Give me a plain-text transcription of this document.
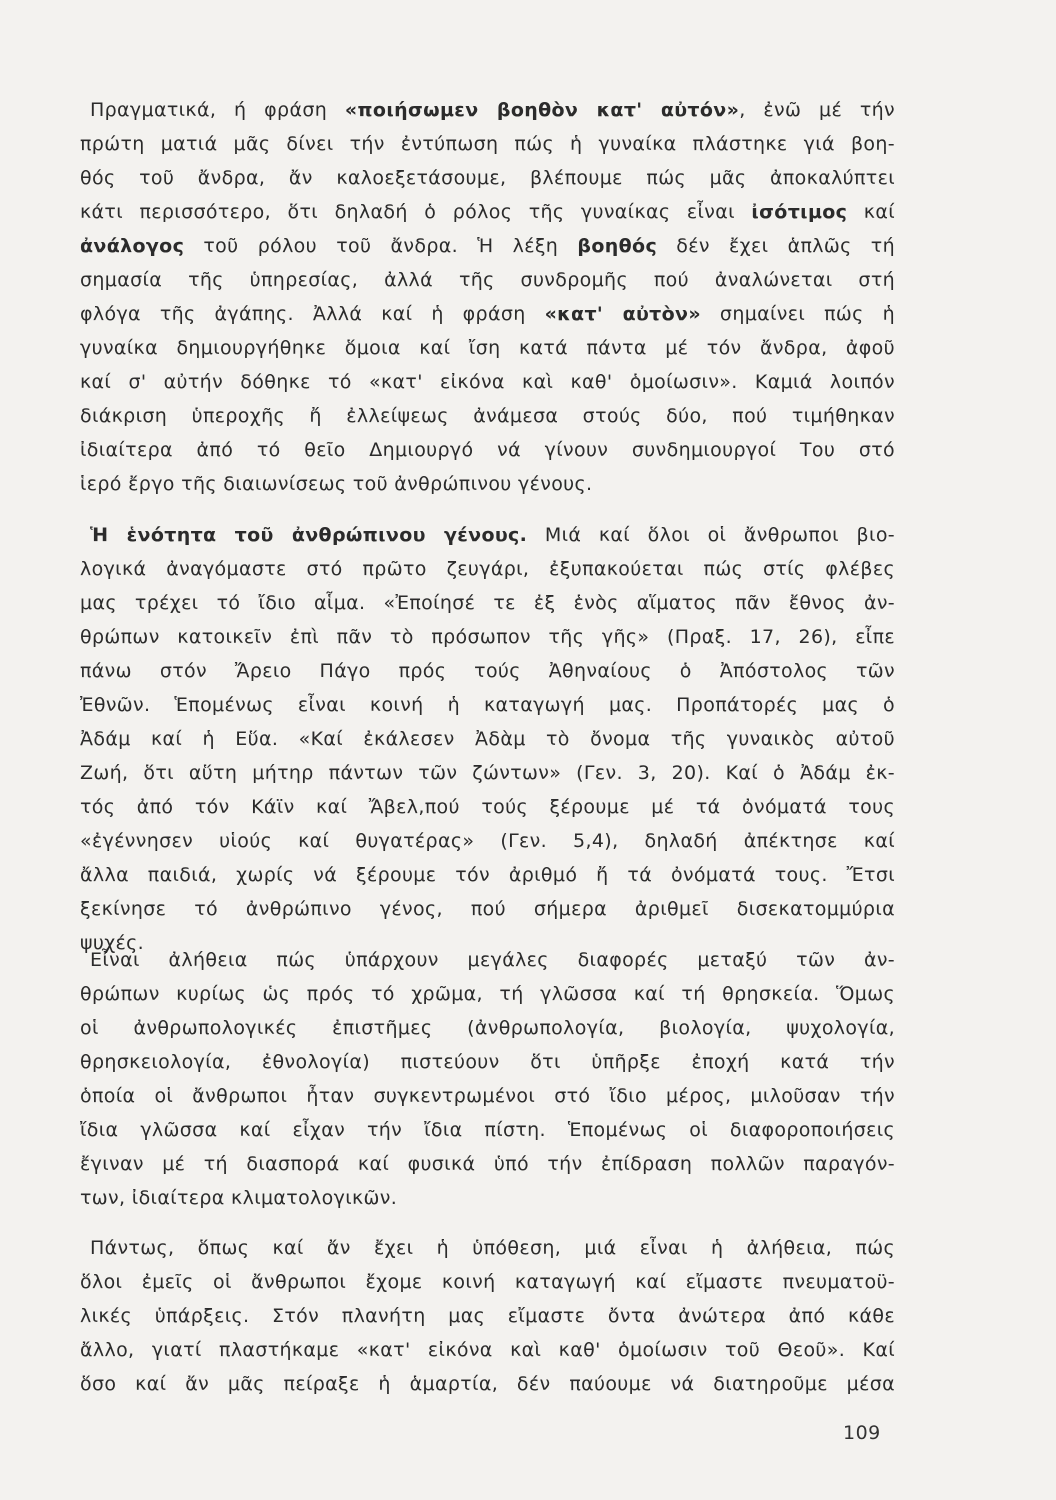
Πραγματικά, ή φράση «ποιήσωμεν βοηθὸν κατ' αὐτόν», ἐνῶ μέ τήν
πρώτη ματιά μᾶς δίνει τήν ἐντύπωση πώς ἡ γυναίκα πλάστηκε γιά βοη-
θός τοῦ ἄνδρα, ἄν καλοεξετάσουμε, βλέπουμε πώς μᾶς ἀποκαλύπτει
κάτι περισσότερο, ὅτι δηλαδή ὁ ρόλος τῆς γυναίκας εἶναι ἰσότιμος καί
ἀνάλογος τοῦ ρόλου τοῦ ἄνδρα. Ἡ λέξη βοηθός δέν ἔχει ἁπλῶς τή
σημασία τῆς ὑπηρεσίας, ἀλλά τῆς συνδρομῆς πού ἀναλώνεται στή
φλόγα τῆς ἀγάπης. Ἀλλά καί ἡ φράση «κατ' αὐτὸν» σημαίνει πώς ἡ
γυναίκα δημιουργήθηκε ὅμοια καί ἴση κατά πάντα μέ τόν ἄνδρα, ἀφοῦ
καί σ' αὐτήν δόθηκε τό «κατ' εἰκόνα καὶ καθ' ὁμοίωσιν». Καμιά λοιπόν
διάκριση ὑπεροχῆς ἤ ἐλλείψεως ἀνάμεσα στούς δύο, πού τιμήθηκαν
ἰδιαίτερα ἀπό τό θεῖο Δημιουργό νά γίνουν συνδημιουργοί Του στό
ἱερό ἔργο τῆς διαιωνίσεως τοῦ ἀνθρώπινου γένους.
Ἡ ἑνότητα τοῦ ἀνθρώπινου γένους. Μιά καί ὅλοι οἱ ἄνθρωποι βιο-
λογικά ἀναγόμαστε στό πρῶτο ζευγάρι, ἐξυπακούεται πώς στίς φλέβες
μας τρέχει τό ἴδιο αἷμα. «Ἐποίησέ τε ἐξ ἑνὸς αἵματος πᾶν ἔθνος ἀν-
θρώπων κατοικεῖν ἐπὶ πᾶν τὸ πρόσωπον τῆς γῆς» (Πραξ. 17, 26), εἶπε
πάνω στόν Ἄρειο Πάγο πρός τούς Ἀθηναίους ὁ Ἀπόστολος τῶν
Ἐθνῶν. Ἑπομένως εἶναι κοινή ἡ καταγωγή μας. Προπάτορές μας ὁ
Ἀδάμ καί ἡ Εὕα. «Καί ἐκάλεσεν Ἀδὰμ τὸ ὄνομα τῆς γυναικὸς αὐτοῦ
Ζωή, ὅτι αὕτη μήτηρ πάντων τῶν ζώντων» (Γεν. 3, 20). Καί ὁ Ἀδάμ ἐκ-
τός ἀπό τόν Κάϊν καί Ἄβελ,πού τούς ξέρουμε μέ τά ὀνόματά τους
«ἐγέννησεν υἱούς καί θυγατέρας» (Γεν. 5,4), δηλαδή ἀπέκτησε καί
ἄλλα παιδιά, χωρίς νά ξέρουμε τόν ἀριθμό ἤ τά ὀνόματά τους. Ἔτσι
ξεκίνησε τό ἀνθρώπινο γένος, πού σήμερα ἀριθμεῖ δισεκατομμύρια
ψυχές.
Εἶναι ἀλήθεια πώς ὑπάρχουν μεγάλες διαφορές μεταξύ τῶν ἀν-
θρώπων κυρίως ὡς πρός τό χρῶμα, τή γλῶσσα καί τή θρησκεία. Ὅμως
οἱ ἀνθρωπολογικές ἐπιστῆμες (ἀνθρωπολογία, βιολογία, ψυχολογία,
θρησκειολογία, ἐθνολογία) πιστεύουν ὅτι ὑπῆρξε ἐποχή κατά τήν
ὁποία οἱ ἄνθρωποι ἦταν συγκεντρωμένοι στό ἴδιο μέρος, μιλοῦσαν τήν
ἴδια γλῶσσα καί εἶχαν τήν ἴδια πίστη. Ἑπομένως οἱ διαφοροποιήσεις
ἔγιναν μέ τή διασπορά καί φυσικά ὑπό τήν ἐπίδραση πολλῶν παραγόν-
των, ἰδιαίτερα κλιματολογικῶν.
Πάντως, ὅπως καί ἄν ἔχει ἡ ὑπόθεση, μιά εἶναι ἡ ἀλήθεια, πώς
ὅλοι ἐμεῖς οἱ ἄνθρωποι ἔχομε κοινή καταγωγή καί εἴμαστε πνευματοϋ-
λικές ὑπάρξεις. Στόν πλανήτη μας εἴμαστε ὄντα ἀνώτερα ἀπό κάθε
ἄλλο, γιατί πλαστήκαμε «κατ' εἰκόνα καὶ καθ' ὁμοίωσιν τοῦ Θεοῦ». Καί
ὅσο καί ἄν μᾶς πείραξε ἡ ἁμαρτία, δέν παύουμε νά διατηροῦμε μέσα
109
